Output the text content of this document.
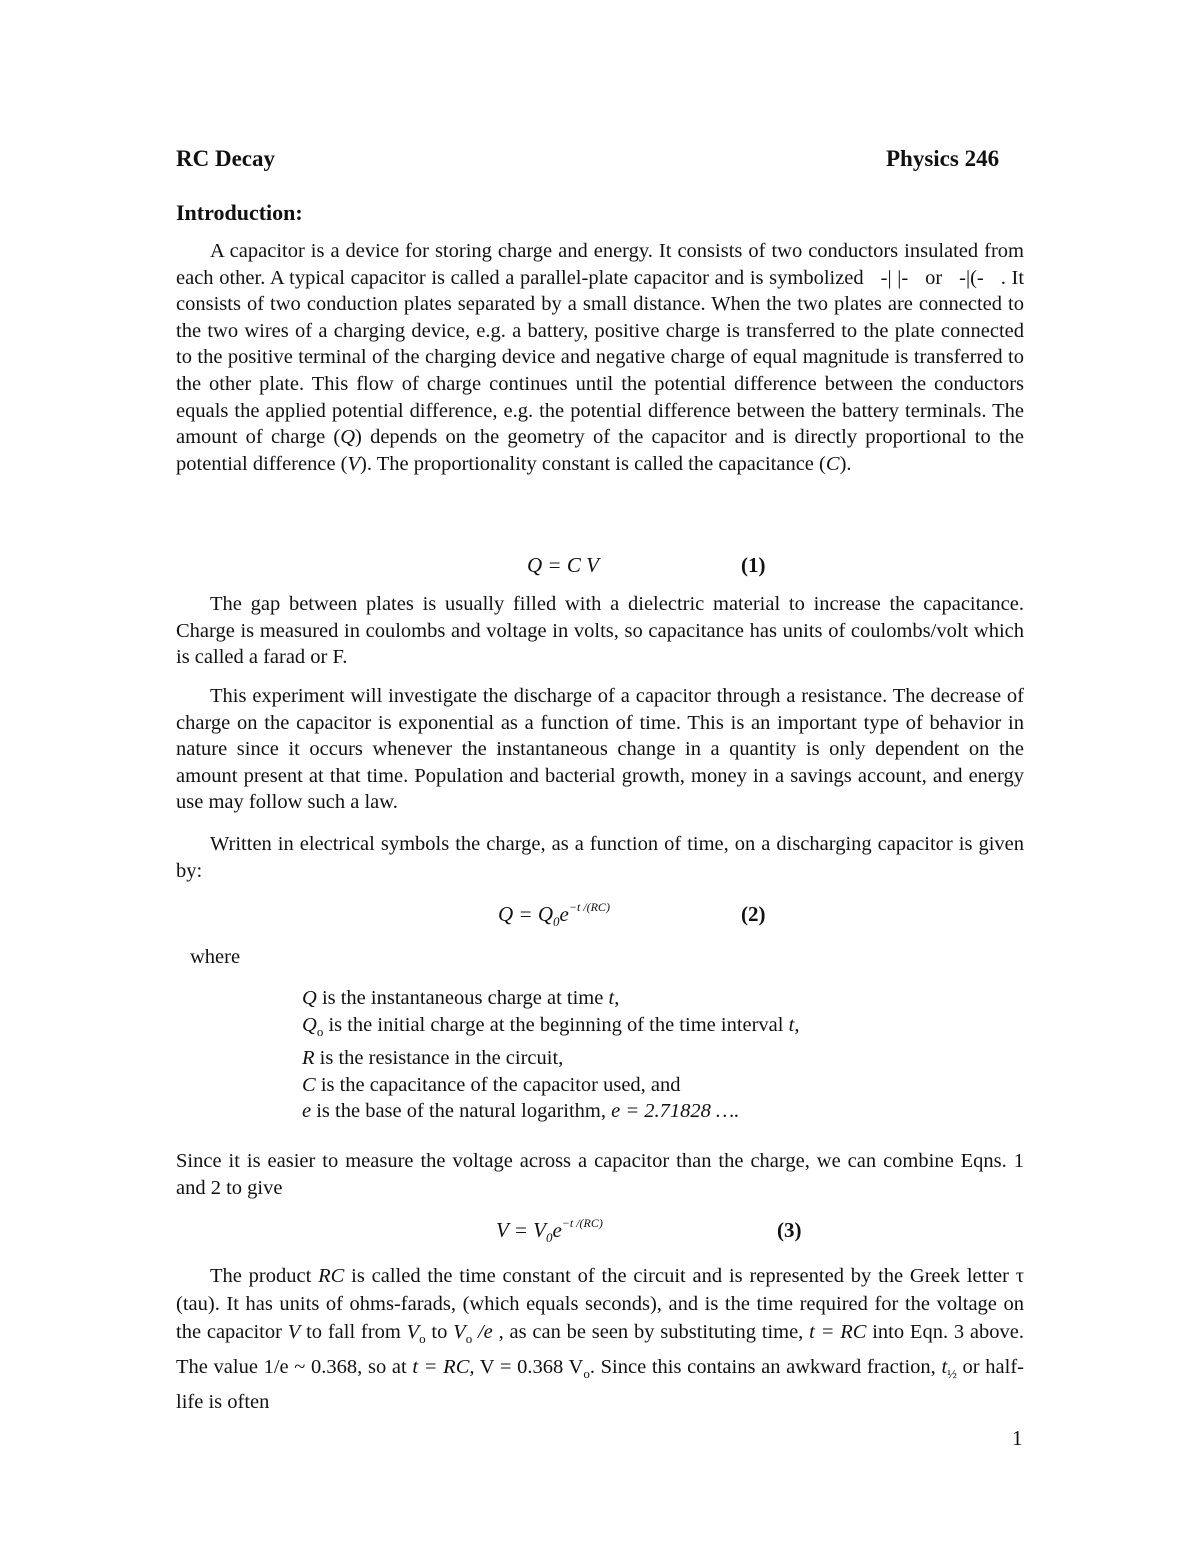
RC Decay	Physics 246
Introduction:

A capacitor is a device for storing charge and energy. It consists of two conductors insulated from each other. A typical capacitor is called a parallel-plate capacitor and is symbolized -| |- or -|(- . It consists of two conduction plates separated by a small distance. When the two plates are connected to the two wires of a charging device, e.g. a battery, positive charge is transferred to the plate connected to the positive terminal of the charging device and negative charge of equal magnitude is transferred to the other plate. This flow of charge continues until the potential difference between the conductors equals the applied potential difference, e.g. the potential difference between the battery terminals. The amount of charge (Q) depends on the geometry of the capacitor and is directly proportional to the potential difference (V). The proportionality constant is called the capacitance (C).

Q = C V	(1)

The gap between plates is usually filled with a dielectric material to increase the capacitance. Charge is measured in coulombs and voltage in volts, so capacitance has units of coulombs/volt which is called a farad or F.

This experiment will investigate the discharge of a capacitor through a resistance. The decrease of charge on the capacitor is exponential as a function of time. This is an important type of behavior in nature since it occurs whenever the instantaneous change in a quantity is only dependent on the amount present at that time. Population and bacterial growth, money in a savings account, and energy use may follow such a law.

Written in electrical symbols the charge, as a function of time, on a discharging capacitor is given by:

$Q = Q_0e^{-t /(RC)}$	(2)
where
Q is the instantaneous charge at time t,
$Q_o$ is the initial charge at the beginning of the time interval t,
R is the resistance in the circuit,
C is the capacitance of the capacitor used, and
e is the base of the natural logarithm, e = 2.71828 ….

Since it is easier to measure the voltage across a capacitor than the charge, we can combine Eqns. 1 and 2 to give

$V = V_0e^{-t /(RC)}$	(3)

The product RC is called the time constant of the circuit and is represented by the Greek letter τ (tau). It has units of ohms-farads, (which equals seconds), and is the time required for the voltage on the capacitor V to fall from $V_o$ to $V_o$ /e , as can be seen by substituting time, t = RC into Eqn. 3 above. The value 1/e ~ 0.368, so at t = RC, V = 0.368 $V_o$. Since this contains an awkward fraction, $t_{\frac{1}{2}}$ or half-life is often

1
